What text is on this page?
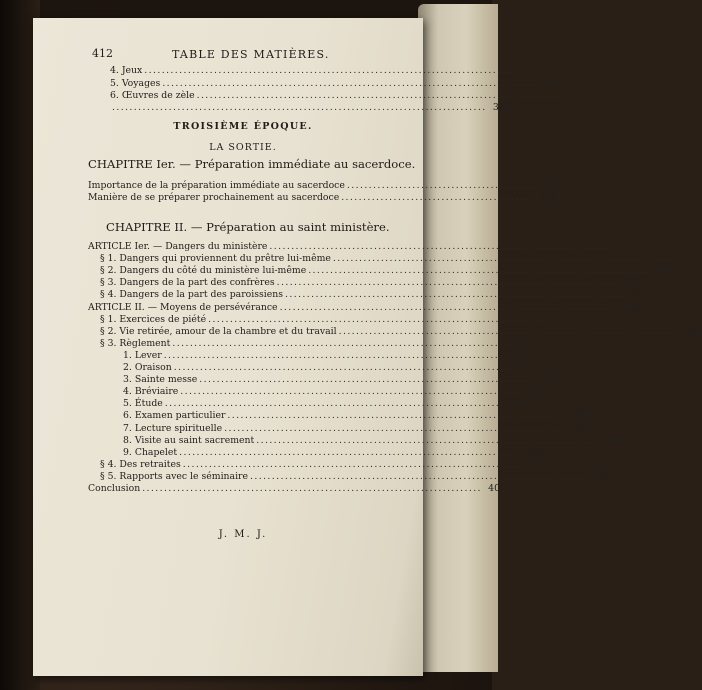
412	TABLE DES MATIÈRES.
4. Jeux ......................................................................................
5. Voyages ...................................................................................... 323
6. Œuvres de zèle ...................................................................................... 325
...................................................................................... 326
TROISIÈME ÉPOQUE.
LA SORTIE.
CHAPITRE Ier. — Préparation immédiate au sacerdoce.
Importance de la préparation immédiate au sacerdoce ............................................ 328
Manière de se préparer prochainement au sacerdoce ............................................ 336
CHAPITRE II. — Préparation au saint ministère.
ARTICLE Ier. — Dangers du ministère .............................................................................. 341
§ 1. Dangers qui proviennent du prêtre lui-même ..............................................................................	Ib.
§ 2. Dangers du côté du ministère lui-même .............................................................................. 343
§ 3. Dangers de la part des confrères .............................................................................. 347
§ 4. Dangers de la part des paroissiens .............................................................................. 352
ARTICLE II. — Moyens de persévérance .............................................................................. 360
§ 1. Exercices de piété .............................................................................. 361
§ 2. Vie retirée, amour de la chambre et du travail .............................................................................. 364
§ 3. Règlement .............................................................................. 372
1. Lever .............................................................................. 373
2. Oraison .............................................................................. 374
3. Sainte messe .............................................................................. 376
4. Bréviaire .............................................................................. 378
5. Étude .............................................................................. 379
6. Examen particulier .............................................................................. 386
7. Lecture spirituelle .............................................................................. 387
8. Visite au saint sacrement .............................................................................. 388
9. Chapelet .............................................................................. 389
§ 4. Des retraites .............................................................................. 392
§ 5. Rapports avec le séminaire .............................................................................. 397
Conclusion .............................................................................. 406
J. M. J.
